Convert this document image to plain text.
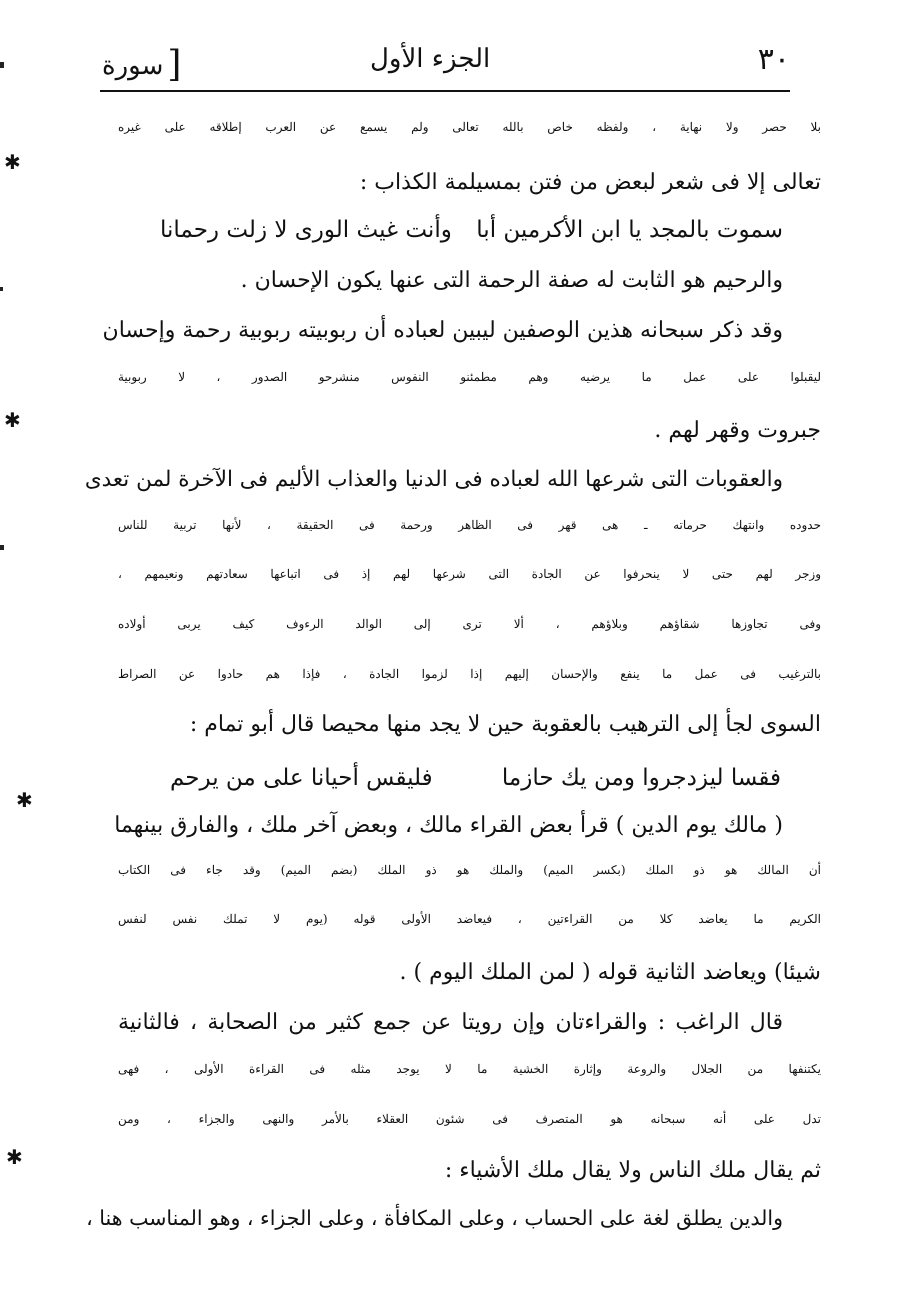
٣٠
الجزء الأول
[سورة
بلا حصر ولا نهاية ، ولفظه خاص بالله تعالى ولم يسمع عن العرب إطلاقه على غيره
تعالى إلا فى شعر لبعض من فتن بمسيلمة الكذاب :
سموت بالمجد يا ابن الأكرمين أبا
وأنت غيث الورى لا زلت رحمانا
والرحيم هو الثابت له صفة الرحمة التى عنها يكون الإحسان .
وقد ذكر سبحانه هذين الوصفين ليبين لعباده أن ربوبيته ربوبية رحمة وإحسان
ليقبلوا على عمل ما يرضيه وهم مطمئنو النفوس منشرحو الصدور ، لا ربوبية
جبروت وقهر لهم .
والعقوبات التى شرعها الله لعباده فى الدنيا والعذاب الأليم فى الآخرة لمن تعدى
حدوده وانتهك حرماته ـ هى قهر فى الظاهر ورحمة فى الحقيقة ، لأنها تربية للناس
وزجر لهم حتى لا ينحرفوا عن الجادة التى شرعها لهم إذ فى اتباعها سعادتهم ونعيمهم ،
وفى تجاوزها شقاؤهم وبلاؤهم ، ألا ترى إلى الوالد الرءوف كيف يربى أولاده
بالترغيب فى عمل ما ينفع والإحسان إليهم إذا لزموا الجادة ، فإذا هم حادوا عن الصراط
السوى لجأ إلى الترهيب بالعقوبة حين لا يجد منها محيصا قال أبو تمام :
فقسا ليزدجروا ومن يك حازما
فليقس أحيانا على من يرحم
( مالك يوم الدين ) قرأ بعض القراء مالك ، وبعض آخر ملك ، والفارق بينهما
أن المالك هو ذو الملك (بكسر الميم) والملك هو ذو الملك (بضم الميم) وقد جاء فى الكتاب
الكريم ما يعاضد كلا من القراءتين ، فيعاضد الأولى قوله (يوم لا تملك نفس لنفس
شيئا) ويعاضد الثانية قوله ( لمن الملك اليوم ) .
قال الراغب : والقراءتان وإن رويتا عن جمع كثير من الصحابة ، فالثانية
يكتنفها من الجلال والروعة وإثارة الخشية ما لا يوجد مثله فى القراءة الأولى ، فهى
تدل على أنه سبحانه هو المتصرف فى شئون العقلاء بالأمر والنهى والجزاء ، ومن
ثم يقال ملك الناس ولا يقال ملك الأشياء :
والدين يطلق لغة على الحساب ، وعلى المكافأة ، وعلى الجزاء ، وهو المناسب هنا ،
✱
✱
✱
✱
